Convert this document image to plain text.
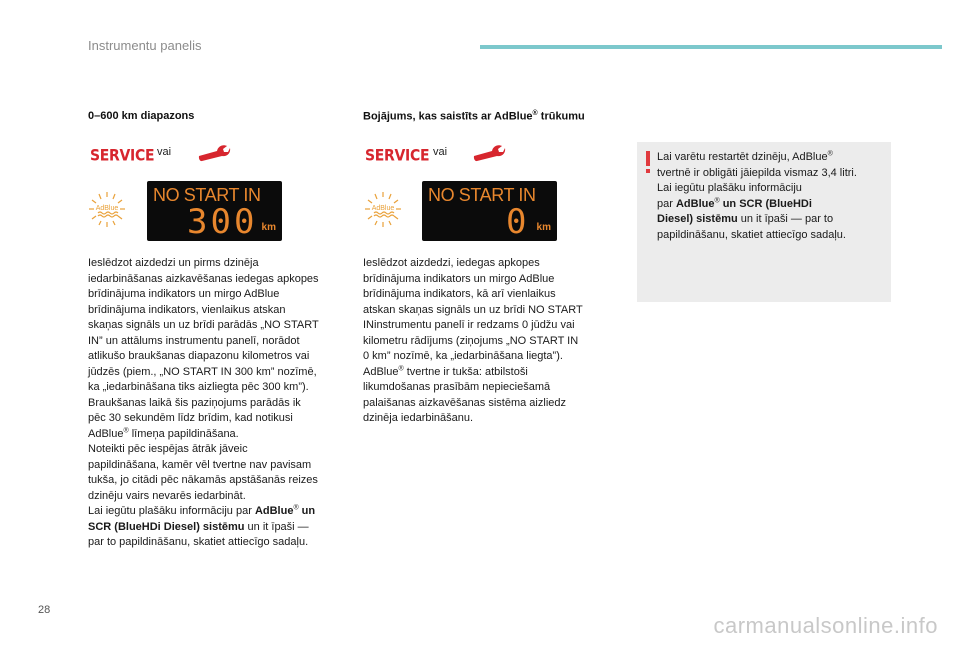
Instrumentu panelis
0–600 km diapazons
SERVICE vai
AdBlue
NO START IN
300 km
Ieslēdzot aizdedzi un pirms dzinēja
iedarbināšanas aizkavēšanas iedegas apkopes
brīdinājuma indikators un mirgo AdBlue
brīdinājuma indikators, vienlaikus atskan
skaņas signāls un uz brīdi parādās „NO START
IN” un attālums instrumentu panelī, norādot
atlikušo braukšanas diapazonu kilometros vai
jūdzēs (piem., „NO START IN 300 km” nozīmē,
ka „iedarbināšana tiks aizliegta pēc 300 km”).
Braukšanas laikā šis paziņojums parādās ik
pēc 30 sekundēm līdz brīdim, kad notikusi
AdBlue® līmeņa papildināšana.
Noteikti pēc iespējas ātrāk jāveic
papildināšana, kamēr vēl tvertne nav pavisam
tukša, jo citādi pēc nākamās apstāšanās reizes
dzinēju vairs nevarēs iedarbināt.
Lai iegūtu plašāku informāciju par AdBlue® un
SCR (BlueHDi Diesel) sistēmu un it īpaši —
par to papildināšanu, skatiet attiecīgo sadaļu.
Bojājums, kas saistīts ar AdBlue® trūkumu
SERVICE vai
AdBlue
NO START IN
0 km
Ieslēdzot aizdedzi, iedegas apkopes
brīdinājuma indikators un mirgo AdBlue
brīdinājuma indikators, kā arī vienlaikus
atskan skaņas signāls un uz brīdi NO START
INinstrumentu panelī ir redzams 0 jūdžu vai
kilometru rādījums (ziņojums „NO START IN
0 km” nozīmē, ka „iedarbināšana liegta”).
AdBlue® tvertne ir tukša: atbilstoši
likumdošanas prasībām nepieciešamā
palaišanas aizkavēšanas sistēma aizliedz
dzinēja iedarbināšanu.
Lai varētu restartēt dzinēju, AdBlue®
tvertnē ir obligāti jāiepilda vismaz 3,4 litri.
Lai iegūtu plašāku informāciju
par AdBlue® un SCR (BlueHDi
Diesel) sistēmu un it īpaši — par to
papildināšanu, skatiet attiecīgo sadaļu.
28
carmanualsonline.info
